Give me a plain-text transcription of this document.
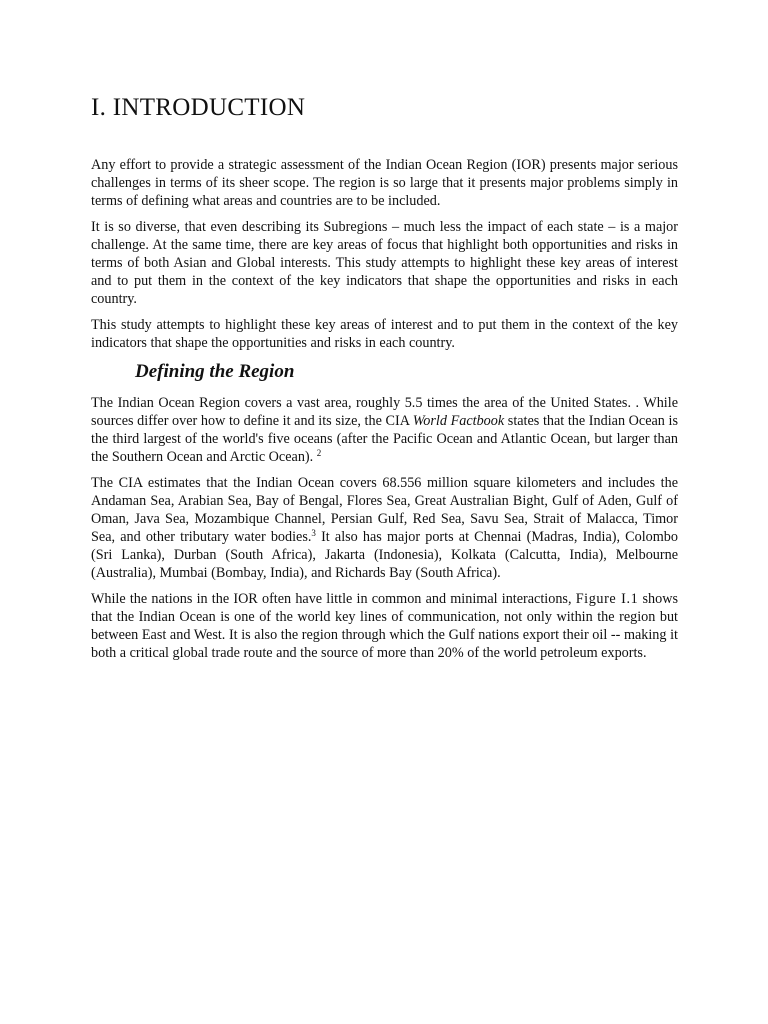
I. INTRODUCTION

Any effort to provide a strategic assessment of the Indian Ocean Region (IOR) presents major serious challenges in terms of its sheer scope. The region is so large that it presents major problems simply in terms of defining what areas and countries are to be included.

It is so diverse, that even describing its Subregions – much less the impact of each state – is a major challenge. At the same time, there are key areas of focus that highlight both opportunities and risks in terms of both Asian and Global interests. This study attempts to highlight these key areas of interest and to put them in the context of the key indicators that shape the opportunities and risks in each country.

This study attempts to highlight these key areas of interest and to put them in the context of the key indicators that shape the opportunities and risks in each country.

Defining the Region

The Indian Ocean Region covers a vast area, roughly 5.5 times the area of the United States. . While sources differ over how to define it and its size, the CIA World Factbook states that the Indian Ocean is the third largest of the world's five oceans (after the Pacific Ocean and Atlantic Ocean, but larger than the Southern Ocean and Arctic Ocean). $^2$

The CIA estimates that the Indian Ocean covers 68.556 million square kilometers and includes the Andaman Sea, Arabian Sea, Bay of Bengal, Flores Sea, Great Australian Bight, Gulf of Aden, Gulf of Oman, Java Sea, Mozambique Channel, Persian Gulf, Red Sea, Savu Sea, Strait of Malacca, Timor Sea, and other tributary water bodies.$^3$ It also has major ports at Chennai (Madras, India), Colombo (Sri Lanka), Durban (South Africa), Jakarta (Indonesia), Kolkata (Calcutta, India), Melbourne (Australia), Mumbai (Bombay, India), and Richards Bay (South Africa).

While the nations in the IOR often have little in common and minimal interactions, Figure I.1 shows that the Indian Ocean is one of the world key lines of communication, not only within the region but between East and West. It is also the region through which the Gulf nations export their oil -- making it both a critical global trade route and the source of more than 20% of the world petroleum exports.
